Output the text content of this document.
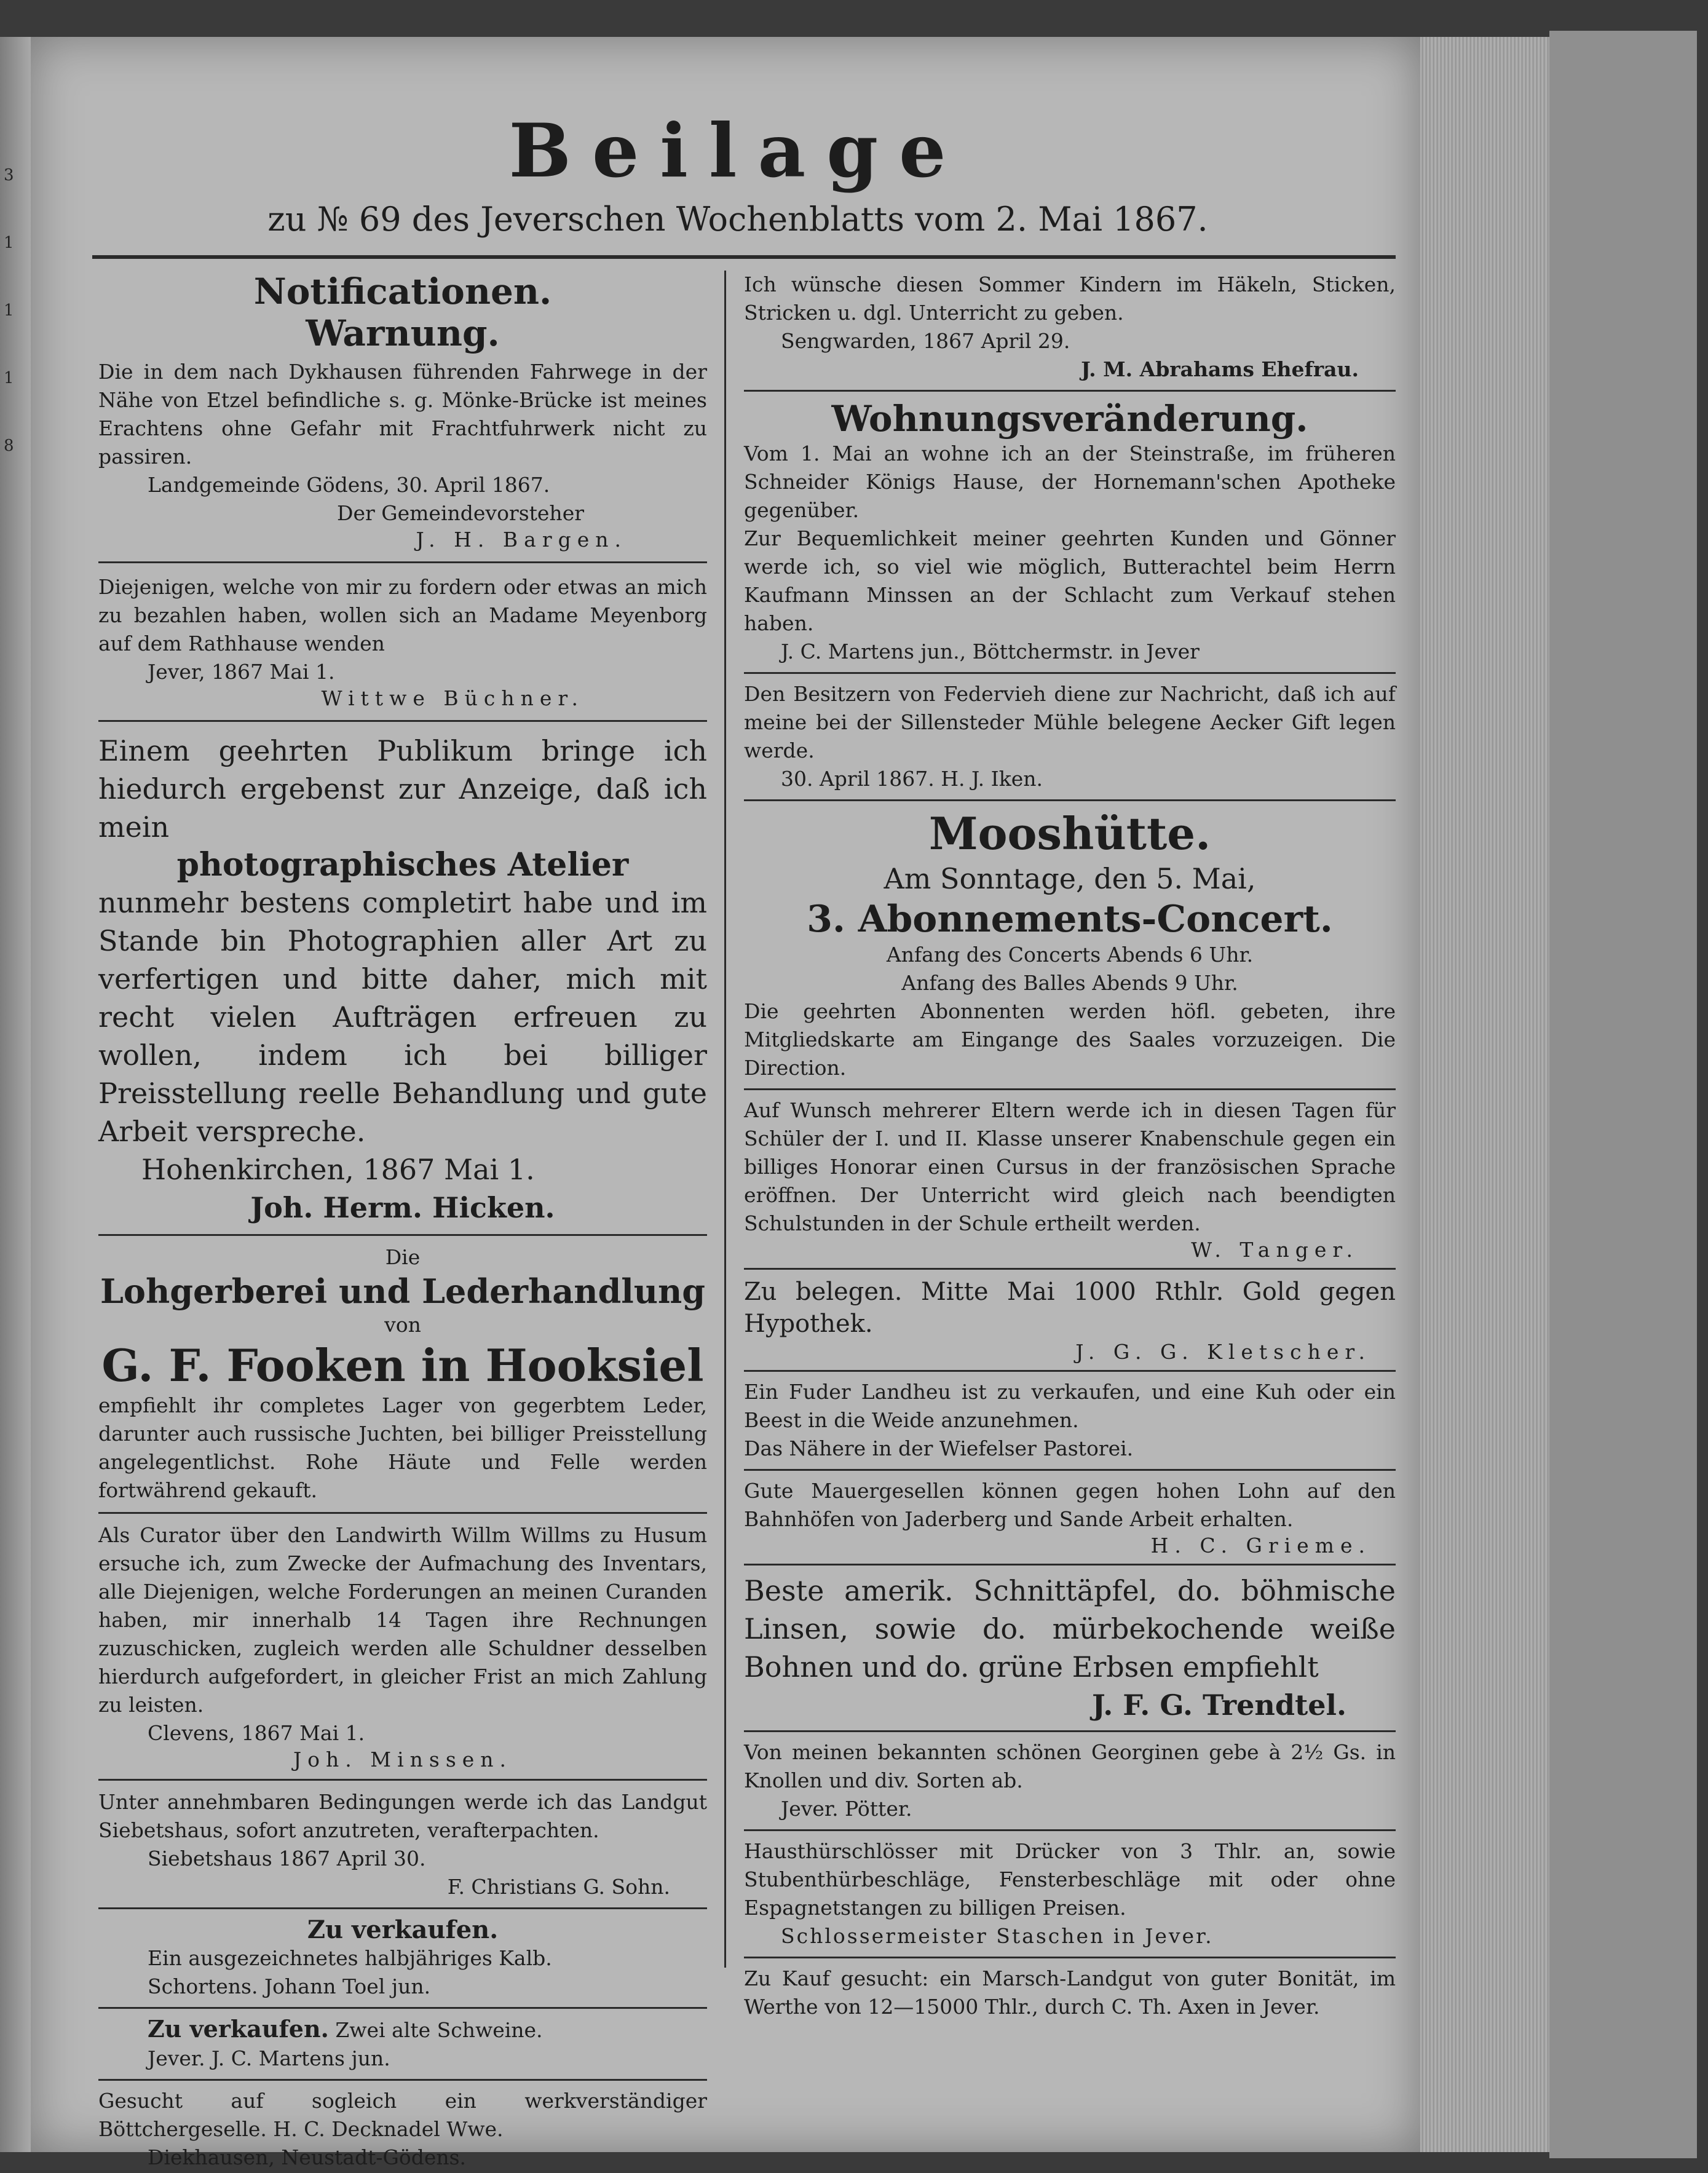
3
1
1
1
8
Beilage
zu № 69 des Jeverschen Wochenblatts vom 2. Mai 1867.
Notificationen.
Warnung.
Die in dem nach Dykhausen führenden Fahrwege in der Nähe von Etzel befindliche s. g. Mönke-Brücke ist meines Erachtens ohne Gefahr mit Frachtfuhrwerk nicht zu passiren.
Landgemeinde Gödens, 30. April 1867.
Der Gemeindevorsteher
J. H. Bargen.
Diejenigen, welche von mir zu fordern oder etwas an mich zu bezahlen haben, wollen sich an Madame Meyenborg auf dem Rathhause wenden
Jever, 1867 Mai 1.
Wittwe Büchner.
Einem geehrten Publikum bringe ich hiedurch ergebenst zur Anzeige, daß ich mein
photographisches Atelier
nunmehr bestens completirt habe und im Stande bin Photographien aller Art zu verfertigen und bitte daher, mich mit recht vielen Aufträgen erfreuen zu wollen, indem ich bei billiger Preisstellung reelle Behandlung und gute Arbeit verspreche.
Hohenkirchen, 1867 Mai 1.
Joh. Herm. Hicken.
Die
Lohgerberei und Lederhandlung
von
G. F. Fooken in Hooksiel
empfiehlt ihr completes Lager von gegerbtem Leder, darunter auch russische Juchten, bei billiger Preisstellung angelegentlichst. Rohe Häute und Felle werden fortwährend gekauft.
Als Curator über den Landwirth Willm Willms zu Husum ersuche ich, zum Zwecke der Aufmachung des Inventars, alle Diejenigen, welche Forderungen an meinen Curanden haben, mir innerhalb 14 Tagen ihre Rechnungen zuzuschicken, zugleich werden alle Schuldner desselben hierdurch aufgefordert, in gleicher Frist an mich Zahlung zu leisten.
Clevens, 1867 Mai 1.
Joh. Minssen.
Unter annehmbaren Bedingungen werde ich das Landgut Siebetshaus, sofort anzutreten, verafterpachten.
Siebetshaus 1867 April 30.
F. Christians G. Sohn.
Zu verkaufen.
Ein ausgezeichnetes halbjähriges Kalb.
Schortens. Johann Toel jun.
Zu verkaufen. Zwei alte Schweine.
Jever. J. C. Martens jun.
Gesucht auf sogleich ein werkverständiger Böttchergeselle. H. C. Decknadel Wwe.
Diekhausen, Neustadt-Gödens.
Ich wünsche diesen Sommer Kindern im Häkeln, Sticken, Stricken u. dgl. Unterricht zu geben.
Sengwarden, 1867 April 29.
J. M. Abrahams Ehefrau.
Wohnungsveränderung.
Vom 1. Mai an wohne ich an der Steinstraße, im früheren Schneider Königs Hause, der Hornemann'schen Apotheke gegenüber.
Zur Bequemlichkeit meiner geehrten Kunden und Gönner werde ich, so viel wie möglich, Butterachtel beim Herrn Kaufmann Minssen an der Schlacht zum Verkauf stehen haben.
J. C. Martens jun., Böttchermstr. in Jever
Den Besitzern von Federvieh diene zur Nachricht, daß ich auf meine bei der Sillensteder Mühle belegene Aecker Gift legen werde.
30. April 1867. H. J. Iken.
Mooshütte.
Am Sonntage, den 5. Mai,
3. Abonnements-Concert.
Anfang des Concerts Abends 6 Uhr.
Anfang des Balles Abends 9 Uhr.
Die geehrten Abonnenten werden höfl. gebeten, ihre Mitgliedskarte am Eingange des Saales vorzuzeigen. Die Direction.
Auf Wunsch mehrerer Eltern werde ich in diesen Tagen für Schüler der I. und II. Klasse unserer Knabenschule gegen ein billiges Honorar einen Cursus in der französischen Sprache eröffnen. Der Unterricht wird gleich nach beendigten Schulstunden in der Schule ertheilt werden.
W. Tanger.
Zu belegen. Mitte Mai 1000 Rthlr. Gold gegen Hypothek.
J. G. G. Kletscher.
Ein Fuder Landheu ist zu verkaufen, und eine Kuh oder ein Beest in die Weide anzunehmen.
Das Nähere in der Wiefelser Pastorei.
Gute Mauergesellen können gegen hohen Lohn auf den Bahnhöfen von Jaderberg und Sande Arbeit erhalten.
H. C. Grieme.
Beste amerik. Schnittäpfel, do. böhmische Linsen, sowie do. mürbekochende weiße Bohnen und do. grüne Erbsen empfiehlt
J. F. G. Trendtel.
Von meinen bekannten schönen Georginen gebe à 2½ Gs. in Knollen und div. Sorten ab.
Jever. Pötter.
Hausthürschlösser mit Drücker von 3 Thlr. an, sowie Stubenthürbeschläge, Fensterbeschläge mit oder ohne Espagnetstangen zu billigen Preisen.
Schlossermeister Staschen in Jever.
Zu Kauf gesucht: ein Marsch-Landgut von guter Bonität, im Werthe von 12—15000 Thlr., durch C. Th. Axen in Jever.
